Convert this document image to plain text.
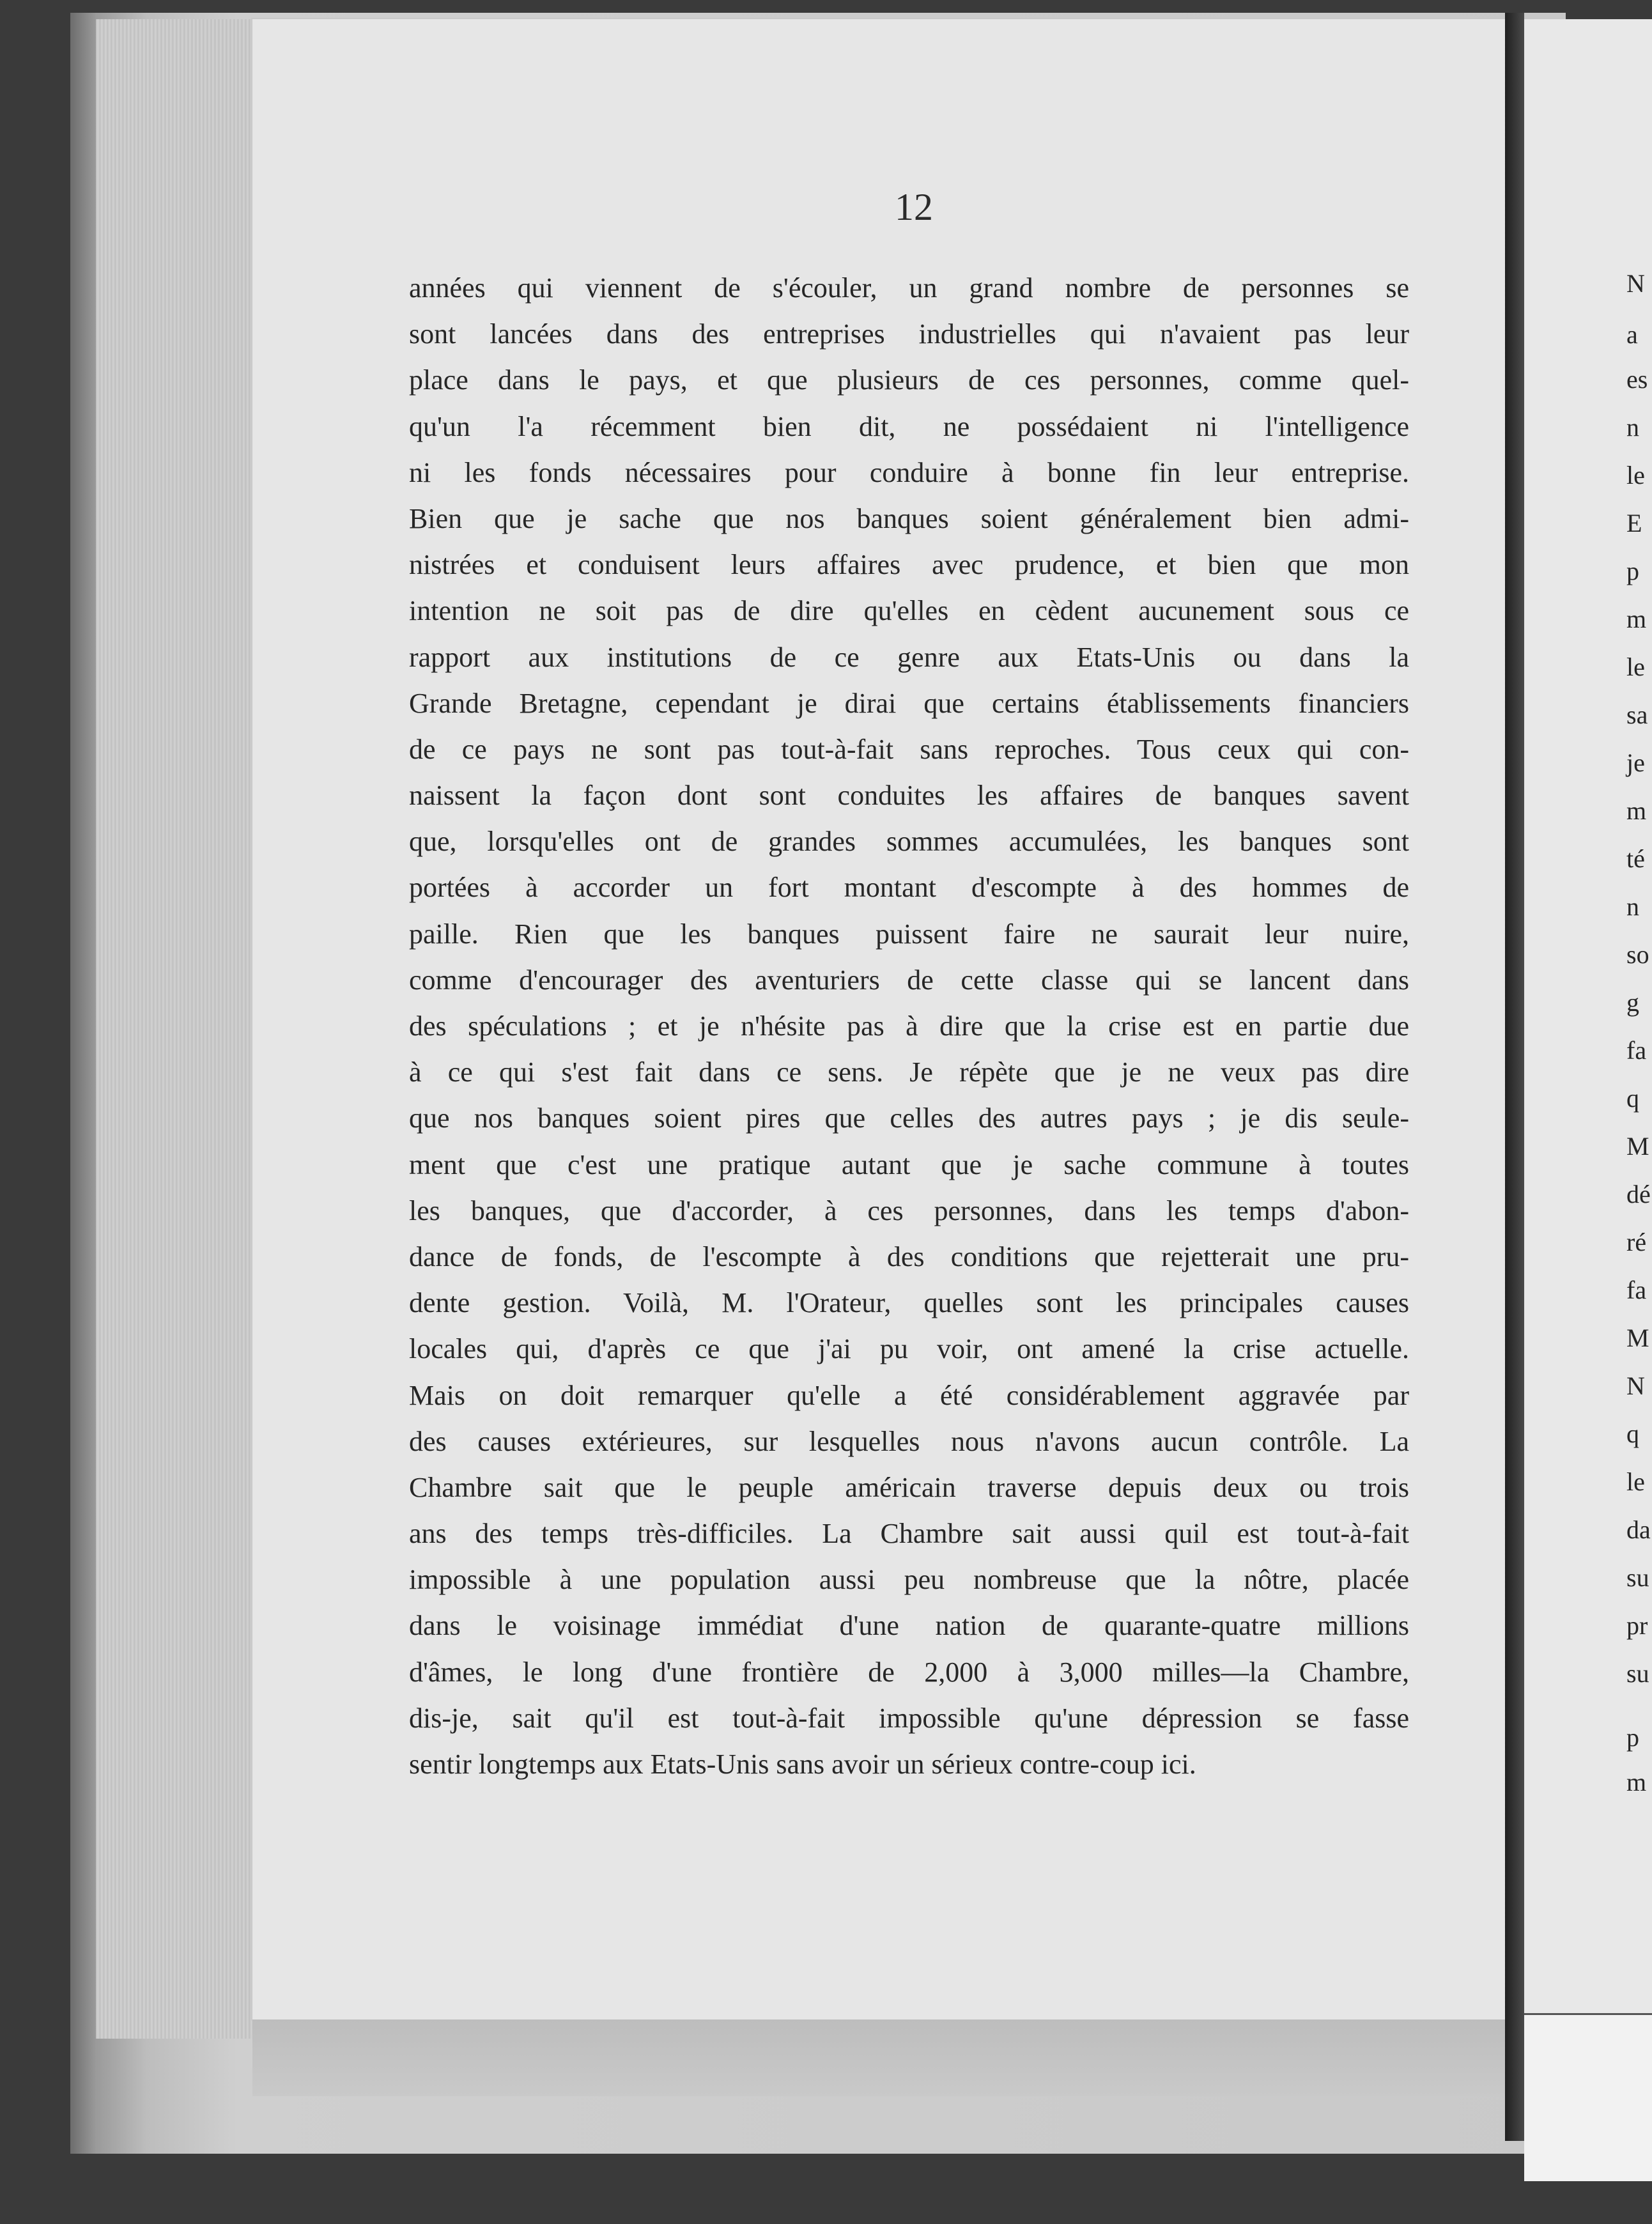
12
années qui viennent de s'écouler, un grand nombre de personnes se
sont lancées dans des entreprises industrielles qui n'avaient pas leur
place dans le pays, et que plusieurs de ces personnes, comme quel-
qu'un l'a récemment bien dit, ne possédaient ni l'intelligence
ni les fonds nécessaires pour conduire à bonne fin leur entreprise.
Bien que je sache que nos banques soient généralement bien admi-
nistrées et conduisent leurs affaires avec prudence, et bien que mon
intention ne soit pas de dire qu'elles en cèdent aucunement sous ce
rapport aux institutions de ce genre aux Etats-Unis ou dans la
Grande Bretagne, cependant je dirai que certains établissements financiers
de ce pays ne sont pas tout-à-fait sans reproches. Tous ceux qui con-
naissent la façon dont sont conduites les affaires de banques savent
que, lorsqu'elles ont de grandes sommes accumulées, les banques sont
portées à accorder un fort montant d'escompte à des hommes de
paille. Rien que les banques puissent faire ne saurait leur nuire,
comme d'encourager des aventuriers de cette classe qui se lancent dans
des spéculations ; et je n'hésite pas à dire que la crise est en partie due
à ce qui s'est fait dans ce sens. Je répète que je ne veux pas dire
que nos banques soient pires que celles des autres pays ; je dis seule-
ment que c'est une pratique autant que je sache commune à toutes
les banques, que d'accorder, à ces personnes, dans les temps d'abon-
dance de fonds, de l'escompte à des conditions que rejetterait une pru-
dente gestion. Voilà, M. l'Orateur, quelles sont les principales causes
locales qui, d'après ce que j'ai pu voir, ont amené la crise actuelle.
Mais on doit remarquer qu'elle a été considérablement aggravée par
des causes extérieures, sur lesquelles nous n'avons aucun contrôle. La
Chambre sait que le peuple américain traverse depuis deux ou trois
ans des temps très-difficiles. La Chambre sait aussi quil est tout-à-fait
impossible à une population aussi peu nombreuse que la nôtre, placée
dans le voisinage immédiat d'une nation de quarante-quatre millions
d'âmes, le long d'une frontière de 2,000 à 3,000 milles—la Chambre,
dis-je, sait qu'il est tout-à-fait impossible qu'une dépression se fasse
sentir longtemps aux Etats-Unis sans avoir un sérieux contre-coup ici.
N
a
es
n
le
E
p
m
le
sa
je
m
té
n
so
g
fa
q
M
dé
ré
fa
M
N
q
le
da
su
pr
su
p
m
